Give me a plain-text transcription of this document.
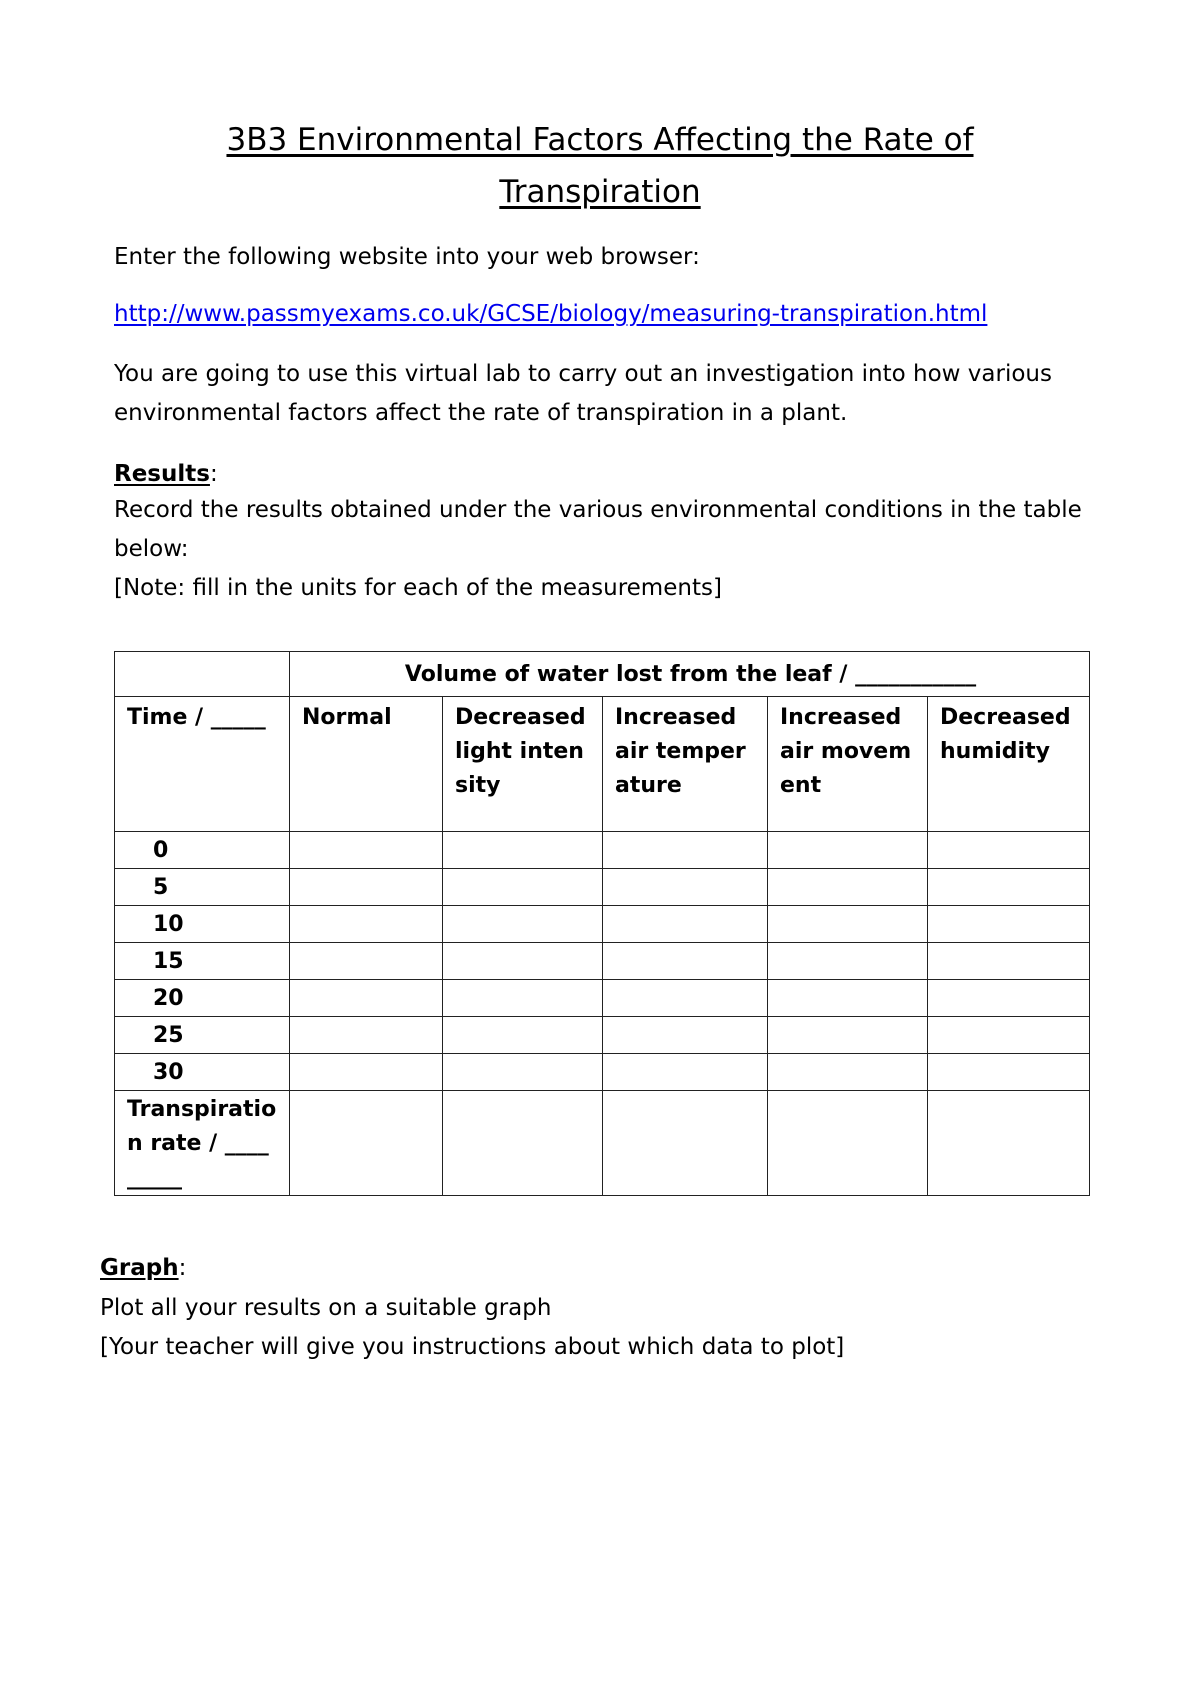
3B3 Environmental Factors Affecting the Rate of
Transpiration
Enter the following website into your web browser:
http://www.passmyexams.co.uk/GCSE/biology/measuring-transpiration.html
You are going to use this virtual lab to carry out an investigation into how various environmental factors affect the rate of transpiration in a plant.
Results:
Record the results obtained under the various environmental conditions in the table below:
[Note: fill in the units for each of the measurements]
	Volume of water lost from the leaf / ___________				
Time / _____	Normal	Decreased light intensity	Increased air temperature	Increased air movement	Decreased humidity
0					
5					
10					
15					
20					
25					
30					
Transpiration rate / _________					
Graph:
Plot all your results on a suitable graph
[Your teacher will give you instructions about which data to plot]
